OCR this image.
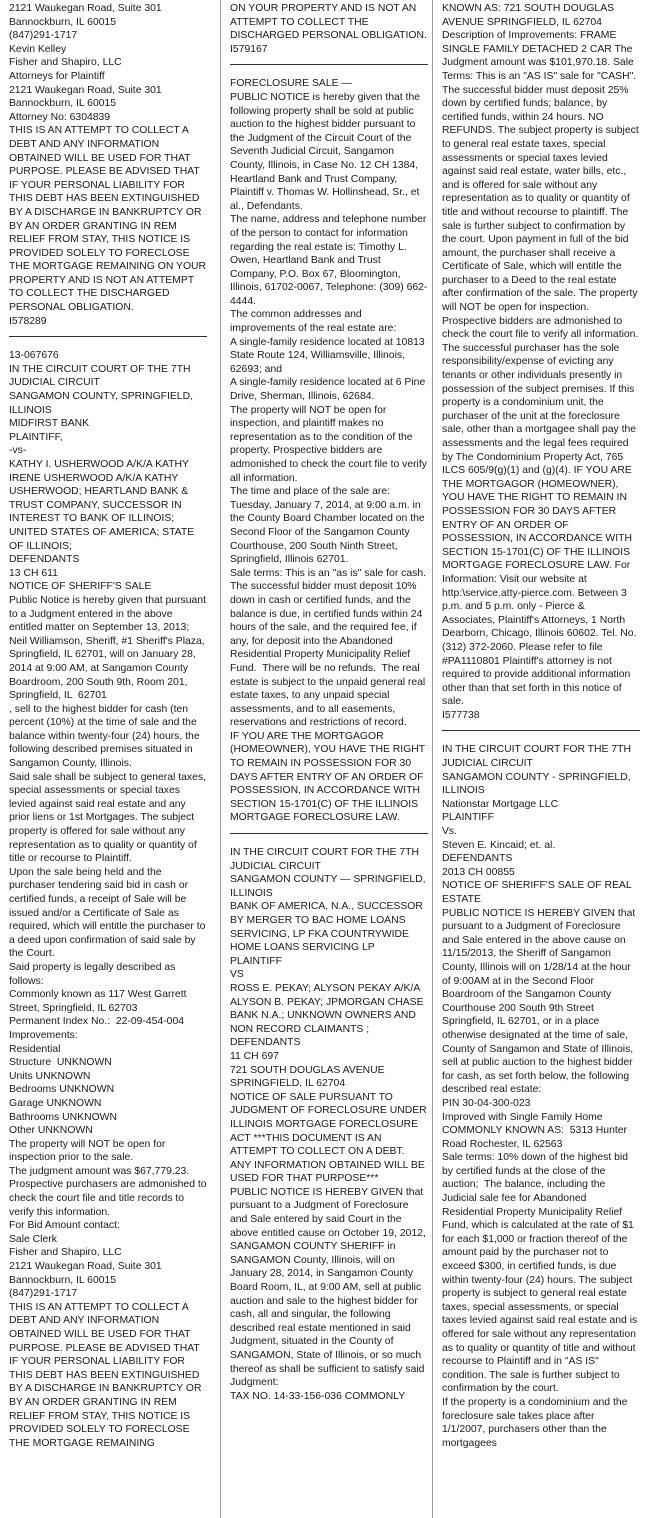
2121 Waukegan Road, Suite 301
Bannockburn, IL 60015
(847)291-1717
Kevin Kelley
Fisher and Shapiro, LLC
Attorneys for Plaintiff
2121 Waukegan Road, Suite 301
Bannockburn, IL 60015
Attorney No: 6304839
THIS IS AN ATTEMPT TO COLLECT A DEBT AND ANY INFORMATION OBTAINED WILL BE USED FOR THAT PURPOSE. PLEASE BE ADVISED THAT IF YOUR PERSONAL LIABILITY FOR THIS DEBT HAS BEEN EXTINGUISHED BY A DISCHARGE IN BANKRUPTCY OR BY AN ORDER GRANTING IN REM RELIEF FROM STAY, THIS NOTICE IS PROVIDED SOLELY TO FORECLOSE THE MORTGAGE REMAINING ON YOUR PROPERTY AND IS NOT AN ATTEMPT TO COLLECT THE DISCHARGED PERSONAL OBLIGATION.
I578289
13-067676
IN THE CIRCUIT COURT OF THE 7TH JUDICIAL CIRCUIT
SANGAMON COUNTY, SPRINGFIELD, ILLINOIS
MIDFIRST BANK
PLAINTIFF,
-vs-
KATHY I. USHERWOOD A/K/A KATHY IRENE USHERWOOD A/K/A KATHY USHERWOOD; HEARTLAND BANK & TRUST COMPANY, SUCCESSOR IN INTEREST TO BANK OF ILLINOIS; UNITED STATES OF AMERICA; STATE OF ILLINOIS;
DEFENDANTS
13 CH 611
NOTICE OF SHERIFF'S SALE
Public Notice is hereby given that pursuant to a Judgment entered in the above entitled matter on September 13, 2013; Neil Williamson, Sheriff, #1 Sheriff's Plaza, Springfield, IL 62701, will on January 28, 2014 at 9:00 AM, at Sangamon County Boardroom, 200 South 9th, Room 201, Springfield, IL  62701
, sell to the highest bidder for cash (ten percent (10%) at the time of sale and the balance within twenty-four (24) hours, the following described premises situated in Sangamon County, Illinois.
Said sale shall be subject to general taxes, special assessments or special taxes levied against said real estate and any prior liens or 1st Mortgages. The subject property is offered for sale without any representation as to quality or quantity of title or recourse to Plaintiff.
Upon the sale being held and the purchaser tendering said bid in cash or certified funds, a receipt of Sale will be issued and/or a Certificate of Sale as required, which will entitle the purchaser to a deed upon confirmation of said sale by the Court.
Said property is legally described as follows:
Commonly known as 117 West Garrett Street, Springfield, IL 62703
Permanent Index No.:  22-09-454-004
Improvements:
Residential
Structure  UNKNOWN
Units UNKNOWN
Bedrooms UNKNOWN
Garage UNKNOWN
Bathrooms UNKNOWN
Other UNKNOWN
The property will NOT be open for inspection prior to the sale.
The judgment amount was $67,779.23.
Prospective purchasers are admonished to check the court file and title records to verify this information.
For Bid Amount contact:
Sale Clerk
Fisher and Shapiro, LLC
2121 Waukegan Road, Suite 301
Bannockburn, IL 60015
(847)291-1717
THIS IS AN ATTEMPT TO COLLECT A DEBT AND ANY INFORMATION OBTAINED WILL BE USED FOR THAT PURPOSE. PLEASE BE ADVISED THAT IF YOUR PERSONAL LIABILITY FOR THIS DEBT HAS BEEN EXTINGUISHED BY A DISCHARGE IN BANKRUPTCY OR BY AN ORDER GRANTING IN REM RELIEF FROM STAY, THIS NOTICE IS PROVIDED SOLELY TO FORECLOSE THE MORTGAGE REMAINING
ON YOUR PROPERTY AND IS NOT AN ATTEMPT TO COLLECT THE DISCHARGED PERSONAL OBLIGATION.
I579167
FORECLOSURE SALE —
PUBLIC NOTICE is hereby given that the following property shall be sold at public auction to the highest bidder pursuant to the Judgment of the Circuit Court of the Seventh Judicial Circuit, Sangamon County, Illinois, in Case No. 12 CH 1384, Heartland Bank and Trust Company, Plaintiff v. Thomas W. Hollinshead, Sr., et al., Defendants.
The name, address and telephone number of the person to contact for information regarding the real estate is: Timothy L. Owen, Heartland Bank and Trust Company, P.O. Box 67, Bloomington, Illinois, 61702-0067, Telephone: (309) 662-4444.
The common addresses and improvements of the real estate are:
A single-family residence located at 10813 State Route 124, Williamsville, Illinois, 62693; and
A single-family residence located at 6 Pine Drive, Sherman, Illinois, 62684.
The property will NOT be open for inspection, and plaintiff makes no representation as to the condition of the property. Prospective bidders are admonished to check the court file to verify all information.
The time and place of the sale are: Tuesday, January 7, 2014, at 9:00 a.m. in the County Board Chamber located on the Second Floor of the Sangamon County Courthouse, 200 South Ninth Street, Springfield, Illinois 62701.
Sale terms: This is an "as is" sale for cash.  The successful bidder must deposit 10% down in cash or certified funds, and the balance is due, in certified funds within 24 hours of the sale, and the required fee, if any, for deposit into the Abandoned Residential Property Municipality Relief Fund.  There will be no refunds.  The real estate is subject to the unpaid general real estate taxes, to any unpaid special assessments, and to all easements, reservations and restrictions of record.
IF YOU ARE THE MORTGAGOR (HOMEOWNER), YOU HAVE THE RIGHT TO REMAIN IN POSSESSION FOR 30 DAYS AFTER ENTRY OF AN ORDER OF POSSESSION, IN ACCORDANCE WITH SECTION 15-1701(C) OF THE ILLINOIS MORTGAGE FORECLOSURE LAW.
IN THE CIRCUIT COURT FOR THE 7TH JUDICIAL CIRCUIT
SANGAMON COUNTY — SPRINGFIELD, ILLINOIS
BANK OF AMERICA, N.A., SUCCESSOR BY MERGER TO BAC HOME LOANS SERVICING, LP FKA COUNTRYWIDE HOME LOANS SERVICING LP
PLAINTIFF
VS
ROSS E. PEKAY; ALYSON PEKAY A/K/A ALYSON B. PEKAY; JPMORGAN CHASE BANK N.A.; UNKNOWN OWNERS AND NON RECORD CLAIMANTS ;
DEFENDANTS
11 CH 697
721 SOUTH DOUGLAS AVENUE SPRINGFIELD, IL 62704
NOTICE OF SALE PURSUANT TO JUDGMENT OF FORECLOSURE UNDER ILLINOIS MORTGAGE FORECLOSURE ACT ***THIS DOCUMENT IS AN ATTEMPT TO COLLECT ON A DEBT. ANY INFORMATION OBTAINED WILL BE USED FOR THAT PURPOSE***
PUBLIC NOTICE IS HEREBY GIVEN that pursuant to a Judgment of Foreclosure and Sale entered by said Court in the above entitled cause on October 19, 2012, SANGAMON COUNTY SHERIFF in SANGAMON County, Illinois, will on January 28, 2014, in Sangamon County Board Room, IL, at 9:00 AM, sell at public auction and sale to the highest bidder for cash, all and singular, the following described real estate mentioned in said Judgment, situated in the County of SANGAMON, State of Illinois, or so much thereof as shall be sufficient to satisfy said Judgment:
TAX NO. 14-33-156-036 COMMONLY
KNOWN AS: 721 SOUTH DOUGLAS AVENUE SPRINGFIELD, IL 62704 Description of Improvements: FRAME SINGLE FAMILY DETACHED 2 CAR The Judgment amount was $101,970.18. Sale Terms: This is an "AS IS" sale for "CASH". The successful bidder must deposit 25% down by certified funds; balance, by certified funds, within 24 hours. NO REFUNDS. The subject property is subject to general real estate taxes, special assessments or special taxes levied against said real estate, water bills, etc., and is offered for sale without any representation as to quality or quantity of title and without recourse to plaintiff. The sale is further subject to confirmation by the court. Upon payment in full of the bid amount, the purchaser shall receive a Certificate of Sale, which will entitle the purchaser to a Deed to the real estate after confirmation of the sale. The property will NOT be open for inspection. Prospective bidders are admonished to check the court file to verify all information. The successful purchaser has the sole responsibility/expense of evicting any tenants or other individuals presently in possession of the subject premises. If this property is a condominium unit, the purchaser of the unit at the foreclosure sale, other than a mortgagee shall pay the assessments and the legal fees required by The Condominium Property Act, 765 ILCS 605/9(g)(1) and (g)(4). IF YOU ARE THE MORTGAGOR (HOMEOWNER), YOU HAVE THE RIGHT TO REMAIN IN POSSESSION FOR 30 DAYS AFTER ENTRY OF AN ORDER OF POSSESSION, IN ACCORDANCE WITH SECTION 15-1701(C) OF THE ILLINOIS MORTGAGE FORECLOSURE LAW. For Information: Visit our website at http:\service.atty-pierce.com. Between 3 p.m. and 5 p.m. only - Pierce & Associates, Plaintiff's Attorneys, 1 North Dearborn, Chicago, Illinois 60602. Tel. No. (312) 372-2060. Please refer to file #PA1110801 Plaintiff's attorney is not required to provide additional information other than that set forth in this notice of sale.
I577738
IN THE CIRCUIT COURT FOR THE 7TH JUDICIAL CIRCUIT
SANGAMON COUNTY - SPRINGFIELD, ILLINOIS
Nationstar Mortgage LLC
PLAINTIFF
Vs.
Steven E. Kincaid; et. al.
DEFENDANTS
2013 CH 00855
NOTICE OF SHERIFF'S SALE OF REAL ESTATE
PUBLIC NOTICE IS HEREBY GIVEN that pursuant to a Judgment of Foreclosure and Sale entered in the above cause on 11/15/2013, the Sheriff of Sangamon County, Illinois will on 1/28/14 at the hour of 9:00AM at in the Second Floor Boardroom of the Sangamon County Courthouse 200 South 9th Street Springfield, IL 62701, or in a place otherwise designated at the time of sale, County of Sangamon and State of Illinois, sell at public auction to the highest bidder for cash, as set forth below, the following described real estate:
PIN 30-04-300-023
Improved with Single Family Home
COMMONLY KNOWN AS:  5313 Hunter Road Rochester, IL 62563
Sale terms: 10% down of the highest bid by certified funds at the close of the auction;  The balance, including the Judicial sale fee for Abandoned Residential Property Municipality Relief Fund, which is calculated at the rate of $1 for each $1,000 or fraction thereof of the amount paid by the purchaser not to exceed $300, in certified funds, is due within twenty-four (24) hours. The subject property is subject to general real estate taxes, special assessments, or special taxes levied against said real estate and is offered for sale without any representation as to quality or quantity of title and without recourse to Plaintiff and in "AS IS" condition. The sale is further subject to confirmation by the court.
If the property is a condominium and the foreclosure sale takes place after 1/1/2007, purchasers other than the mortgagees
